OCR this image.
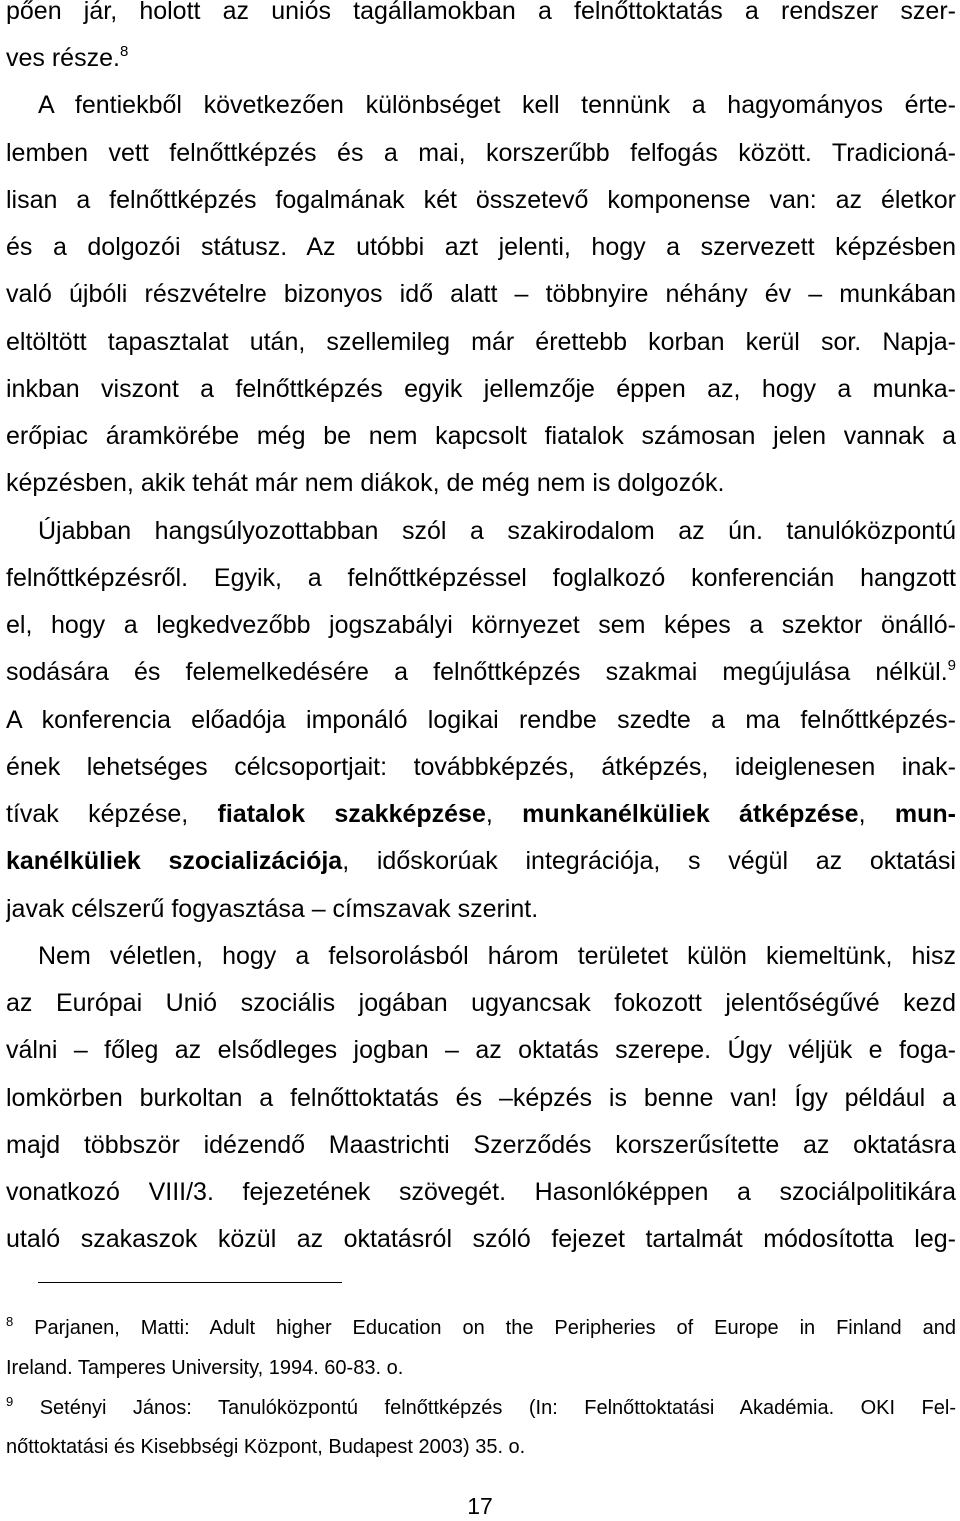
pően jár, holott az uniós tagállamokban a felnőttoktatás a rendszer szer-
ves része.$^8$
A fentiekből következően különbséget kell tennünk a hagyományos érte-
lemben vett felnőttképzés és a mai, korszerűbb felfogás között. Tradicioná-
lisan a felnőttképzés fogalmának két összetevő komponense van: az életkor
és a dolgozói státusz. Az utóbbi azt jelenti, hogy a szervezett képzésben
való újbóli részvételre bizonyos idő alatt – többnyire néhány év – munkában
eltöltött tapasztalat után, szellemileg már érettebb korban kerül sor. Napja-
inkban viszont a felnőttképzés egyik jellemzője éppen az, hogy a munka-
erőpiac áramkörébe még be nem kapcsolt fiatalok számosan jelen vannak a
képzésben, akik tehát már nem diákok, de még nem is dolgozók.
Újabban hangsúlyozottabban szól a szakirodalom az ún. tanulóközpontú
felnőttképzésről. Egyik, a felnőttképzéssel foglalkozó konferencián hangzott
el, hogy a legkedvezőbb jogszabályi környezet sem képes a szektor önálló-
sodására és felemelkedésére a felnőttképzés szakmai megújulása nélkül.$^9$
A konferencia előadója imponáló logikai rendbe szedte a ma felnőttképzés-
ének lehetséges célcsoportjait: továbbképzés, átképzés, ideiglenesen inak-
tívak képzése, fiatalok szakképzése, munkanélküliek átképzése, mun-
kanélküliek szocializációja, időskorúak integrációja, s végül az oktatási
javak célszerű fogyasztása – címszavak szerint.
Nem véletlen, hogy a felsorolásból három területet külön kiemeltünk, hisz
az Európai Unió szociális jogában ugyancsak fokozott jelentőségűvé kezd
válni – főleg az elsődleges jogban – az oktatás szerepe. Úgy véljük e foga-
lomkörben burkoltan a felnőttoktatás és –képzés is benne van! Így például a
majd többször idézendő Maastrichti Szerződés korszerűsítette az oktatásra
vonatkozó VIII/3. fejezetének szövegét. Hasonlóképpen a szociálpolitikára
utaló szakaszok közül az oktatásról szóló fejezet tartalmát módosította leg-
$^8$ Parjanen, Matti: Adult higher Education on the Peripheries of Europe in Finland and
Ireland. Tamperes University, 1994. 60-83. o.
$^9$ Setényi János: Tanulóközpontú felnőttképzés (In: Felnőttoktatási Akadémia. OKI Fel-
nőttoktatási és Kisebbségi Központ, Budapest 2003) 35. o.
17
